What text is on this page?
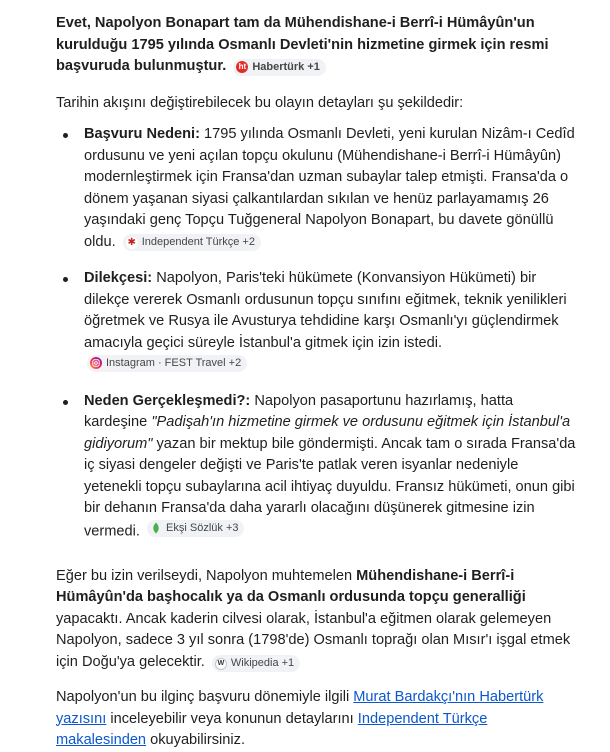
Evet, Napolyon Bonapart tam da Mühendishane-i Berrî-i Hümâyûn'un kurulduğu 1795 yılında Osmanlı Devleti'nin hizmetine girmek için resmi başvuruda bulunmuştur. ht Habertürk +1

Tarihin akışını değiştirebilecek bu olayın detayları şu şekildedir:

Başvuru Nedeni: 1795 yılında Osmanlı Devleti, yeni kurulan Nizâm-ı Cedîd ordusunu ve yeni açılan topçu okulunu (Mühendishane-i Berrî-i Hümâyûn) modernleştirmek için Fransa'dan uzman subaylar talep etmişti. Fransa'da o dönem yaşanan siyasi çalkantılardan sıkılan ve henüz parlayamamış 26 yaşındaki genç Topçu Tuğgeneral Napolyon Bonapart, bu davete gönüllü oldu. ✱ Independent Türkçe +2
Dilekçesi: Napolyon, Paris'teki hükümete (Konvansiyon Hükümeti) bir dilekçe vererek Osmanlı ordusunun topçu sınıfını eğitmek, teknik yenilikleri öğretmek ve Rusya ile Avusturya tehdidine karşı Osmanlı'yı güçlendirmek amacıyla geçici süreyle İstanbul'a gitmek için izin istedi.
Instagram · FEST Travel +2
Neden Gerçekleşmedi?: Napolyon pasaportunu hazırlamış, hatta kardeşine "Padişah'ın hizmetine girmek ve ordusunu eğitmek için İstanbul'a gidiyorum" yazan bir mektup bile göndermişti. Ancak tam o sırada Fransa'da iç siyasi dengeler değişti ve Paris'te patlak veren isyanlar nedeniyle yetenekli topçu subaylarına acil ihtiyaç duyuldu. Fransız hükümeti, onun gibi bir dehanın Fransa'da daha yararlı olacağını düşünerek gitmesine izin vermedi. Ekşi Sözlük +3

Eğer bu izin verilseydi, Napolyon muhtemelen Mühendishane-i Berrî-i Hümâyûn'da başhocalık ya da Osmanlı ordusunda topçu generalliği yapacaktı. Ancak kaderin cilvesi olarak, İstanbul'a eğitmen olarak gelemeyen Napolyon, sadece 3 yıl sonra (1798'de) Osmanlı toprağı olan Mısır'ı işgal etmek için Doğu'ya gelecektir.	W Wikipedia +1

Napolyon'un bu ilginç başvuru dönemiyle ilgili Murat Bardakçı'nın Habertürk yazısını inceleyebilir veya konunun detaylarını Independent Türkçe makalesinden okuyabilirsiniz.
